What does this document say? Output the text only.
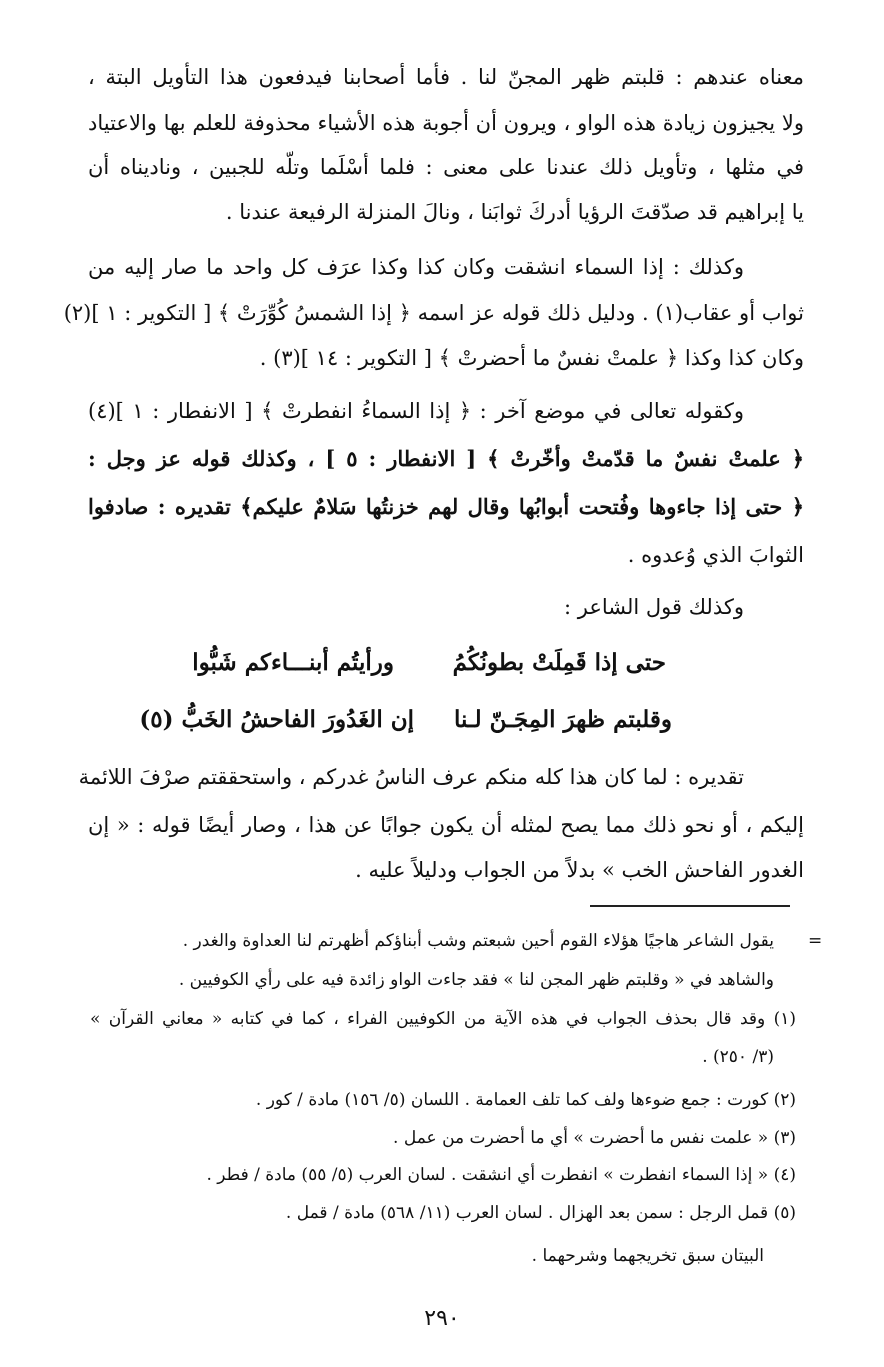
معناه عندهم : قلبتم ظهر المجنّ لنا . فأما أصحابنا فيدفعون هذا التأويل البتة ،
ولا يجيزون زيادة هذه الواو ، ويرون أن أجوبة هذه الأشياء محذوفة للعلم بها والاعتياد
في مثلها ، وتأويل ذلك عندنا على معنى : فلما أسْلَما وتلّه للجبين ، وناديناه أن
يا إبراهيم قد صدّقتَ الرؤيا أدركَ ثوابَنا ، ونالَ المنزلة الرفيعة عندنا .
وكذلك : إذا السماء انشقت وكان كذا وكذا عرَف كل واحد ما صار إليه من
ثواب أو عقاب(١) . ودليل ذلك قوله عز اسمه ﴿ إذا الشمسُ كُوِّرَتْ ﴾ [ التكوير : ١ ](٢)
وكان كذا وكذا ﴿ علمتْ نفسٌ ما أحضرتْ ﴾ [ التكوير : ١٤ ](٣) .
وكقوله تعالى في موضع آخر : ﴿ إذا السماءُ انفطرتْ ﴾ [ الانفطار : ١ ](٤)
﴿ علمتْ نفسٌ ما قدّمتْ وأخّرتْ ﴾ [ الانفطار : ٥ ] ، وكذلك قوله عز وجل :
﴿ حتى إذا جاءوها وفُتحت أبوابُها وقال لهم خزنتُها سَلامٌ عليكم﴾ تقديره : صادفوا
الثوابَ الذي وُعدوه .
وكذلك قول الشاعر :
حتى إذا قَمِلَتْ بطونُكُمُ
ورأيتُم أبنـــاءكم شَبُّوا
وقلبتم ظهرَ المِجَـنّ لـنا
إن الغَدُورَ الفاحشُ الخَبُّ (٥)
تقديره : لما كان هذا كله منكم عرف الناسُ غدركم ، واستحققتم صرْفَ اللائمة
إليكم ، أو نحو ذلك مما يصح لمثله أن يكون جوابًا عن هذا ، وصار أيضًا قوله : « إن
الغدور الفاحش الخب » بدلاً من الجواب ودليلاً عليه .
=
يقول الشاعر هاجيًا هؤلاء القوم أحين شبعتم وشب أبناؤكم أظهرتم لنا العداوة والغدر .
والشاهد في « وقلبتم ظهر المجن لنا » فقد جاءت الواو زائدة فيه على رأي الكوفيين .
(١) وقد قال بحذف الجواب في هذه الآية من الكوفيين الفراء ، كما في كتابه « معاني القرآن »
(٣/ ٢٥٠) .
(٢) كورت : جمع ضوءها ولف كما تلف العمامة . اللسان (٥/ ١٥٦) مادة / كور .
(٣) « علمت نفس ما أحضرت » أي ما أحضرت من عمل .
(٤) « إذا السماء انفطرت » انفطرت أي انشقت . لسان العرب (٥/ ٥٥) مادة / فطر .
(٥) قمل الرجل : سمن بعد الهزال . لسان العرب (١١/ ٥٦٨) مادة / قمل .
البيتان سبق تخريجهما وشرحهما .
٢٩٠
